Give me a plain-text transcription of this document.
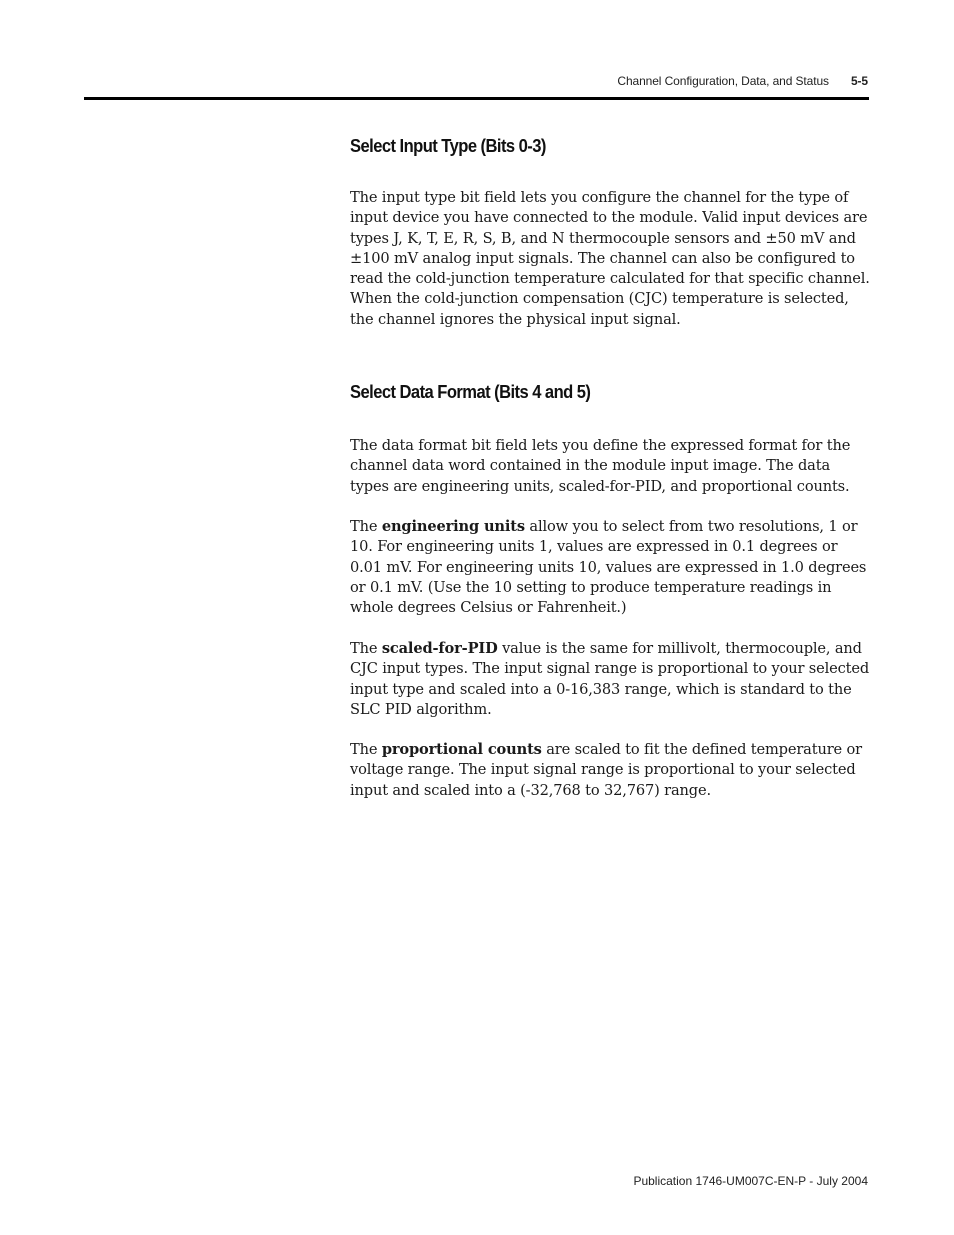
Channel Configuration, Data, and Status 5-5
Select Input Type (Bits 0-3)

The input type bit field lets you configure the channel for the type of input device you have connected to the module. Valid input devices are types J, K, T, E, R, S, B, and N thermocouple sensors and ±50 mV and ±100 mV analog input signals. The channel can also be configured to read the cold-junction temperature calculated for that specific channel. When the cold-junction compensation (CJC) temperature is selected, the channel ignores the physical input signal.

Select Data Format (Bits 4 and 5)

The data format bit field lets you define the expressed format for the channel data word contained in the module input image. The data types are engineering units, scaled-for-PID, and proportional counts.

The engineering units allow you to select from two resolutions, 1 or 10. For engineering units 1, values are expressed in 0.1 degrees or 0.01 mV. For engineering units 10, values are expressed in 1.0 degrees or 0.1 mV. (Use the 10 setting to produce temperature readings in whole degrees Celsius or Fahrenheit.)

The scaled-for-PID value is the same for millivolt, thermocouple, and CJC input types. The input signal range is proportional to your selected input type and scaled into a 0-16,383 range, which is standard to the SLC PID algorithm.

The proportional counts are scaled to fit the defined temperature or voltage range. The input signal range is proportional to your selected input and scaled into a (-32,768 to 32,767) range.

Publication 1746-UM007C-EN-P - July 2004
